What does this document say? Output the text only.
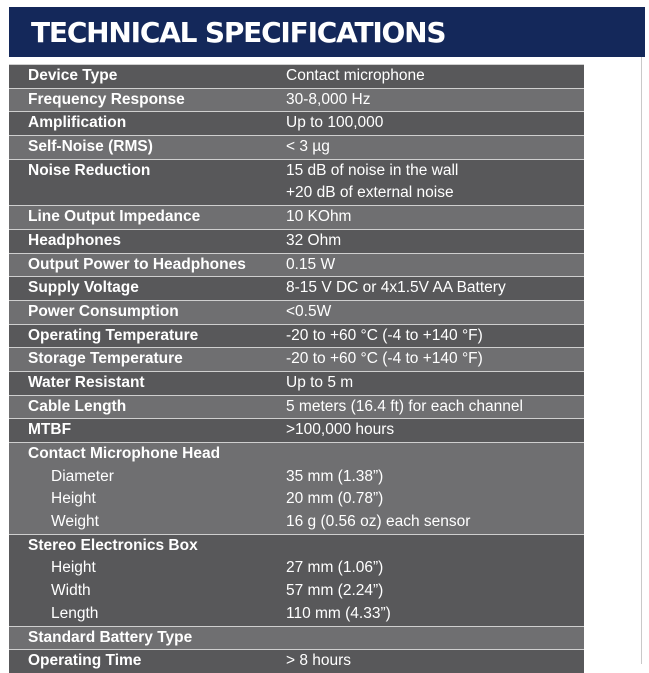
TECHNICAL SPECIFICATIONS
Device Type	Contact microphone
Frequency Response	30-8,000 Hz
Amplification	Up to 100,000
Self-Noise (RMS)	< 3 µg
Noise Reduction	15 dB of noise in the wall
+20 dB of external noise
Line Output Impedance	10 KOhm
Headphones	32 Ohm
Output Power to Headphones	0.15 W
Supply Voltage	8-15 V DC or 4x1.5V AA Battery
Power Consumption	<0.5W
Operating Temperature	-20 to +60 °C (-4 to +140 °F)
Storage Temperature	-20 to +60 °C (-4 to +140 °F)
Water Resistant	Up to 5 m
Cable Length	5 meters (16.4 ft) for each channel
MTBF	>100,000 hours
Contact Microphone Head
Diameter	35 mm (1.38”)
Height	20 mm (0.78”)
Weight	16 g (0.56 oz) each sensor
Stereo Electronics Box
Height	27 mm (1.06”)
Width	57 mm (2.24”)
Length	110 mm (4.33”)
Standard Battery Type
Operating Time	> 8 hours
